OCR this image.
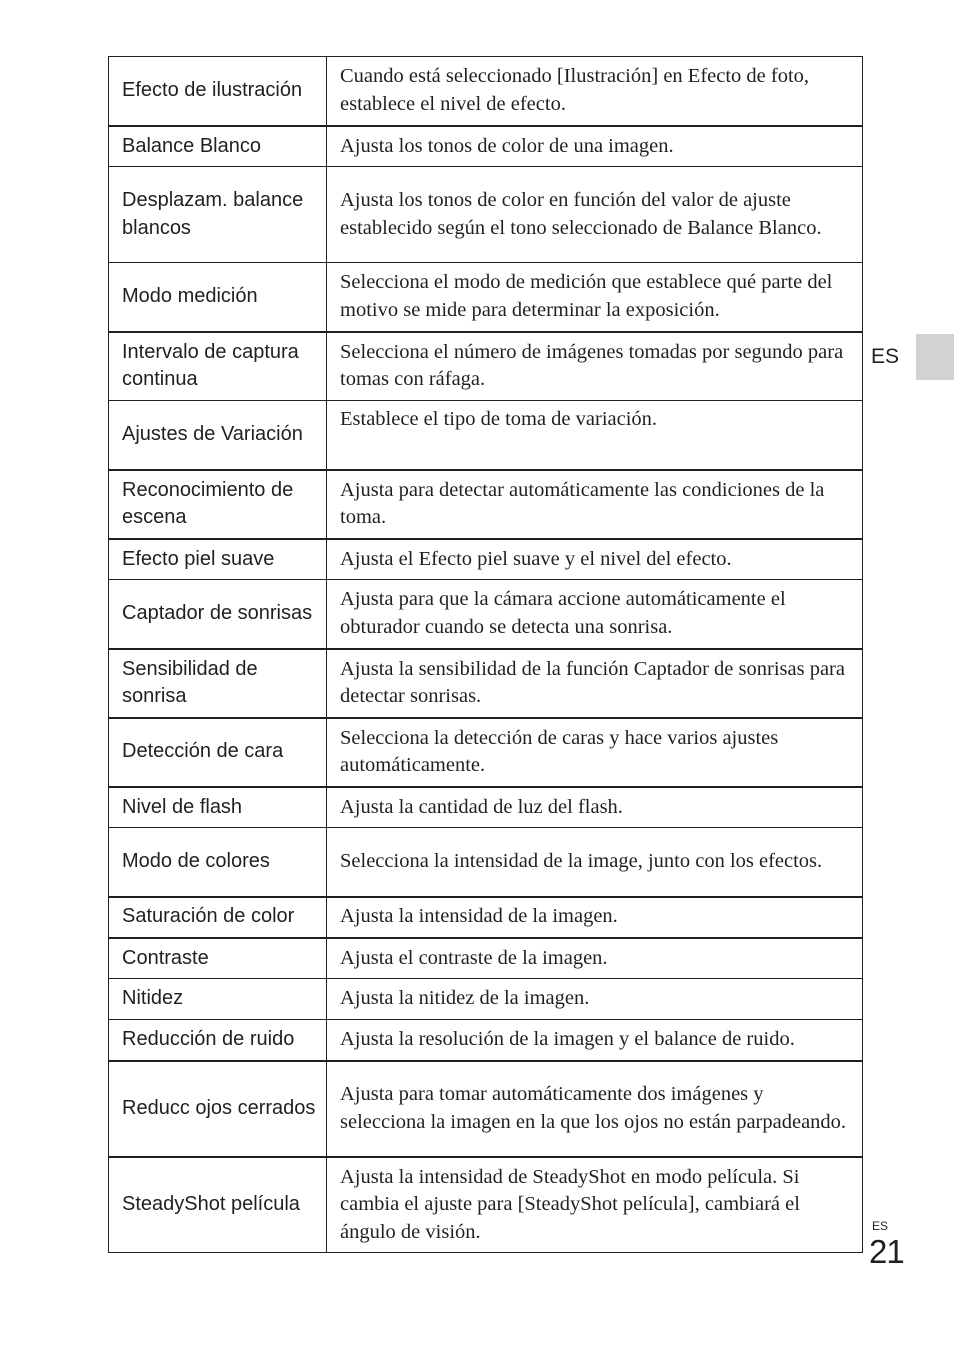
Efecto de ilustración	Cuando está seleccionado [Ilustración] en Efecto de foto, establece el nivel de efecto.
Balance Blanco	Ajusta los tonos de color de una imagen.
Desplazam. balance blancos	Ajusta los tonos de color en función del valor de ajuste establecido según el tono seleccionado de Balance Blanco.
Modo medición	Selecciona el modo de medición que establece qué parte del motivo se mide para determinar la exposición.
Intervalo de captura continua	Selecciona el número de imágenes tomadas por segundo para tomas con ráfaga.
Ajustes de Variación	Establece el tipo de toma de variación.
Reconocimiento de escena	Ajusta para detectar automáticamente las condiciones de la toma.
Efecto piel suave	Ajusta el Efecto piel suave y el nivel del efecto.
Captador de sonrisas	Ajusta para que la cámara accione automáticamente el obturador cuando se detecta una sonrisa.
Sensibilidad de sonrisa	Ajusta la sensibilidad de la función Captador de sonrisas para detectar sonrisas.
Detección de cara	Selecciona la detección de caras y hace varios ajustes automáticamente.
Nivel de flash	Ajusta la cantidad de luz del flash.
Modo de colores	Selecciona la intensidad de la image, junto con los efectos.
Saturación de color	Ajusta la intensidad de la imagen.
Contraste	Ajusta el contraste de la imagen.
Nitidez	Ajusta la nitidez de la imagen.
Reducción de ruido	Ajusta la resolución de la imagen y el balance de ruido.
Reducc ojos cerrados	Ajusta para tomar automáticamente dos imágenes y selecciona la imagen en la que los ojos no están parpadeando.
SteadyShot película	Ajusta la intensidad de SteadyShot en modo película. Si cambia el ajuste para [SteadyShot película], cambiará el ángulo de visión.
ES
ES
21
